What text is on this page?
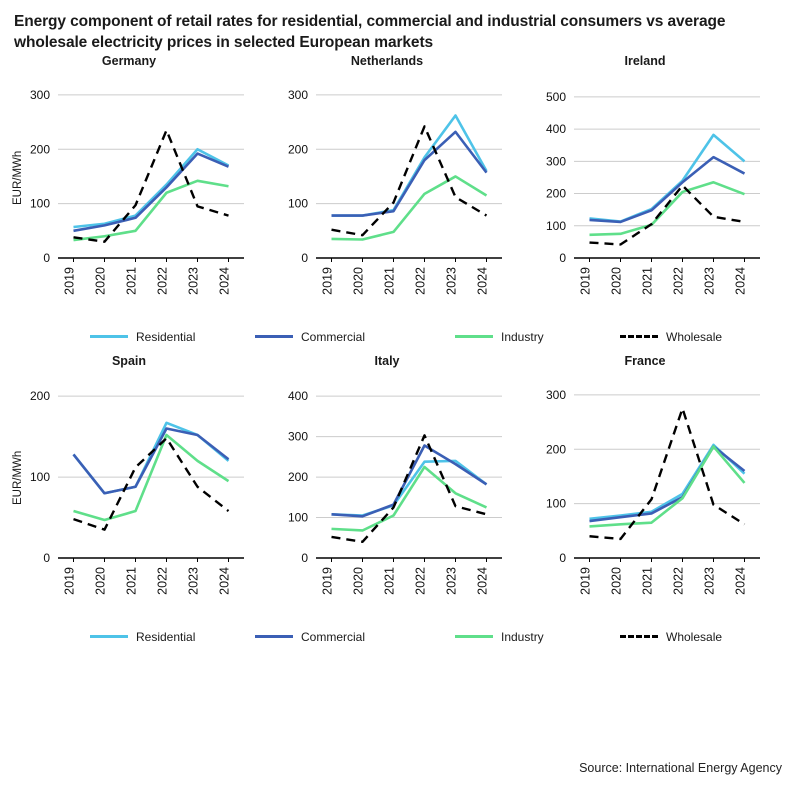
Energy component of retail rates for residential, commercial and industrial consumers vs average wholesale electricity prices in selected European markets
Germany
0
100
200
300
2019 2020 2021 2022 2023 2024
EUR/MWh
Netherlands
0
100
200
300
2019 2020 2021 2022 2023 2024
Ireland
0
100
200
300
400
500
2019 2020 2021 2022 2023 2024
Residential	Commercial	Industry	Wholesale
Spain
0
100
200
2019 2020 2021 2022 2023 2024
EUR/MWh
Italy
0
100
200
300
400
2019 2020 2021 2022 2023 2024
France
0
100
200
300
2019 2020 2021 2022 2023 2024
Residential	Commercial	Industry	Wholesale
Source: International Energy Agency
